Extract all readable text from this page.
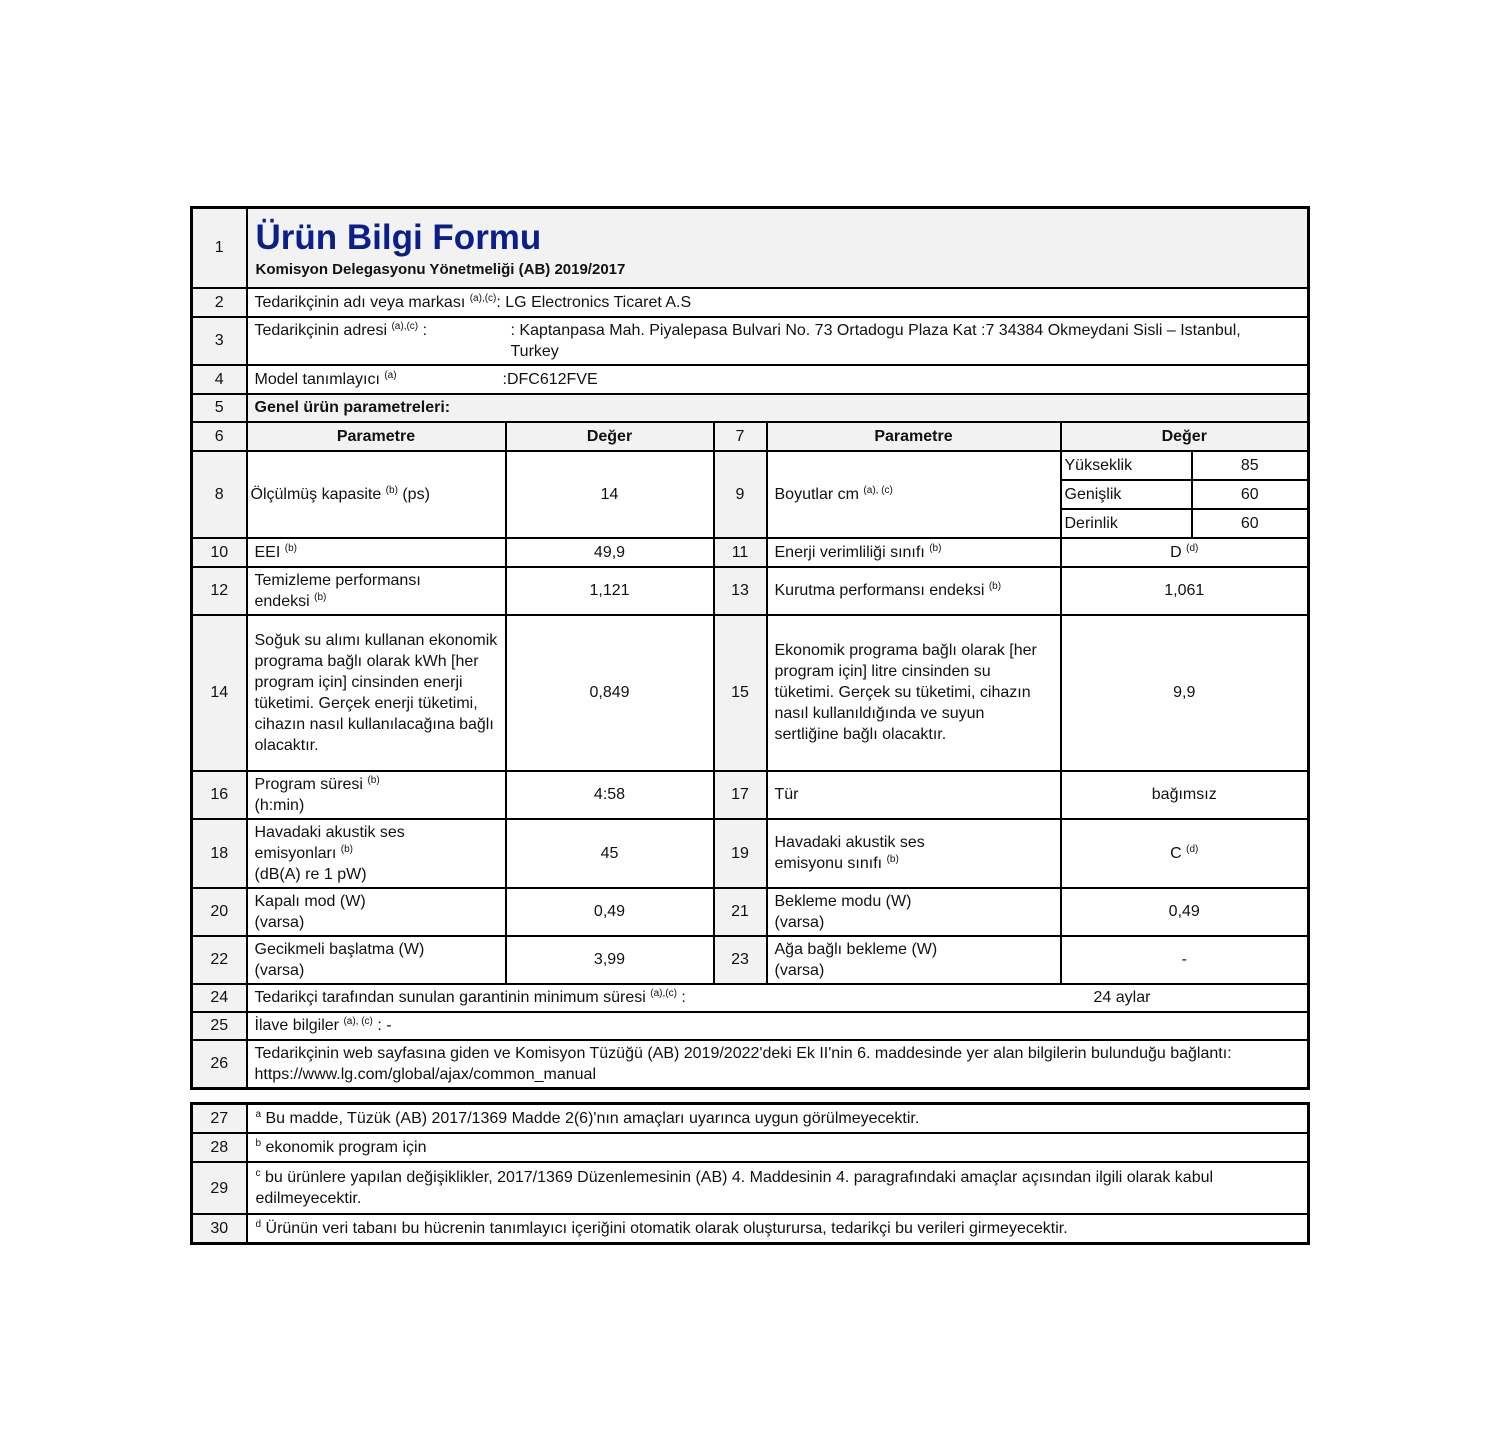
1	Ürün Bilgi Formu
Komisyon Delegasyonu Yönetmeliği (AB) 2019/2017

2	Tedarikçinin adı veya markası $^{(a),(c)}$: LG Electronics Ticaret A.S
3	Tedarikçinin adresi $^{(a),(c)}$ :	: Kaptanpasa Mah. Piyalepasa Bulvari No. 73 Ortadogu Plaza Kat :7 34384 Okmeydani Sisli – Istanbul, Turkey
4	Model tanımlayıcı $^{(a)}$	:DFC612FVE
5	Genel ürün parametreleri:
6	Parametre	Değer	7	Parametre	Değer
8	Ölçülmüş kapasite $^{(b)}$ (ps)	14	9	Boyutlar cm $^{(a), (c)}$	
Yükseklik	85
Genişlik	60
Derinlik	60

10	EEI $^{(b)}$	49,9	11	Enerji verimliliği sınıfı $^{(b)}$	D $^{(d)}$
12	Temizleme performansı
endeksi $^{(b)}$	1,121	13	Kurutma performansı endeksi $^{(b)}$	1,061
14	Soğuk su alımı kullanan ekonomik programa bağlı olarak kWh [her program için] cinsinden enerji tüketimi. Gerçek enerji tüketimi, cihazın nasıl kullanılacağına bağlı olacaktır.	0,849	15	Ekonomik programa bağlı olarak [her program için] litre cinsinden su tüketimi. Gerçek su tüketimi, cihazın nasıl kullanıldığında ve suyun sertliğine bağlı olacaktır.	9,9
16	Program süresi $^{(b)}$
(h:min)	4:58	17	Tür	bağımsız
18	Havadaki akustik ses
emisyonları $^{(b)}$
(dB(A) re 1 pW)	45	19	Havadaki akustik ses
emisyonu sınıfı $^{(b)}$	C $^{(d)}$
20	Kapalı mod (W)
(varsa)	0,49	21	Bekleme modu (W)
(varsa)	0,49
22	Gecikmeli başlatma (W)
(varsa)	3,99	23	Ağa bağlı bekleme (W)
(varsa)	-
24	Tedarikçi tarafından sunulan garantinin minimum süresi $^{(a),(c)}$ :	24 aylar

25	İlave bilgiler $^{(a), (c)}$ : -
26	Tedarikçinin web sayfasına giden ve Komisyon Tüzüğü (AB) 2019/2022'deki Ek II'nin 6. maddesinde yer alan bilgilerin bulunduğu bağlantı: https://www.lg.com/global/ajax/common_manual
27	$^a$ Bu madde, Tüzük (AB) 2017/1369 Madde 2(6)'nın amaçları uyarınca uygun görülmeyecektir.
28	$^b$ ekonomik program için
29	$^c$ bu ürünlere yapılan değişiklikler, 2017/1369 Düzenlemesinin (AB) 4. Maddesinin 4. paragrafındaki amaçlar açısından ilgili olarak kabul edilmeyecektir.
30	$^d$ Ürünün veri tabanı bu hücrenin tanımlayıcı içeriğini otomatik olarak oluşturursa, tedarikçi bu verileri girmeyecektir.
